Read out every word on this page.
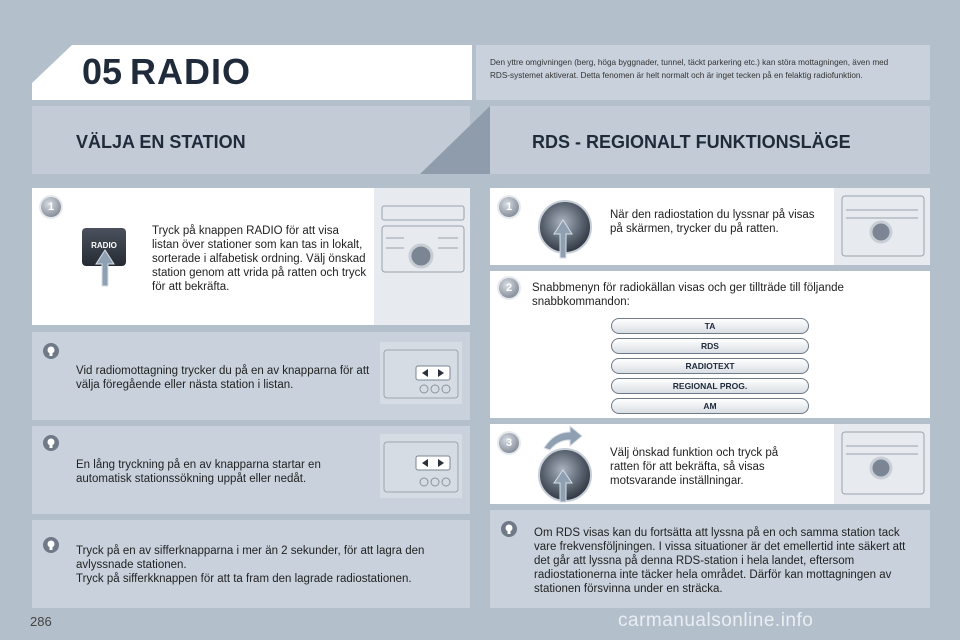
05 RADIO	Den yttre omgivningen (berg, höga byggnader, tunnel, täckt parkering etc.) kan störa mottagningen, även med RDS-systemet aktiverat. Detta fenomen är helt normalt och är inget tecken på en felaktig radiofunktion.

VÄLJA EN STATION	RDS - REGIONALT FUNKTIONSLÄGE
1
RADIO
Tryck på knappen RADIO för att visa listan över stationer som kan tas in lokalt, sorterade i alfabetisk ordning. Välj önskad station genom att vrida på ratten och tryck för att bekräfta.
Vid radiomottagning trycker du på en av knapparna för att välja föregående eller nästa station i listan.
En lång tryckning på en av knapparna startar en automatisk stationssökning uppåt eller nedåt.
Tryck på en av sifferknapparna i mer än 2 sekunder, för att lagra den avlyssnade stationen.
Tryck på sifferkknappen för att ta fram den lagrade radiostationen.
1
När den radiostation du lyssnar på visas på skärmen, trycker du på ratten.
2	Snabbmenyn för radiokällan visas och ger tillträde till följande snabbkommandon:
TA
RDS
RADIOTEXT
REGIONAL PROG.
AM
3
Välj önskad funktion och tryck på ratten för att bekräfta, så visas motsvarande inställningar.
Om RDS visas kan du fortsätta att lyssna på en och samma station tack vare frekvensföljningen. I vissa situationer är det emellertid inte säkert att det går att lyssna på denna RDS-station i hela landet, eftersom radiostationerna inte täcker hela området. Därför kan mottagningen av stationen försvinna under en sträcka.
286	carmanualsonline.info
